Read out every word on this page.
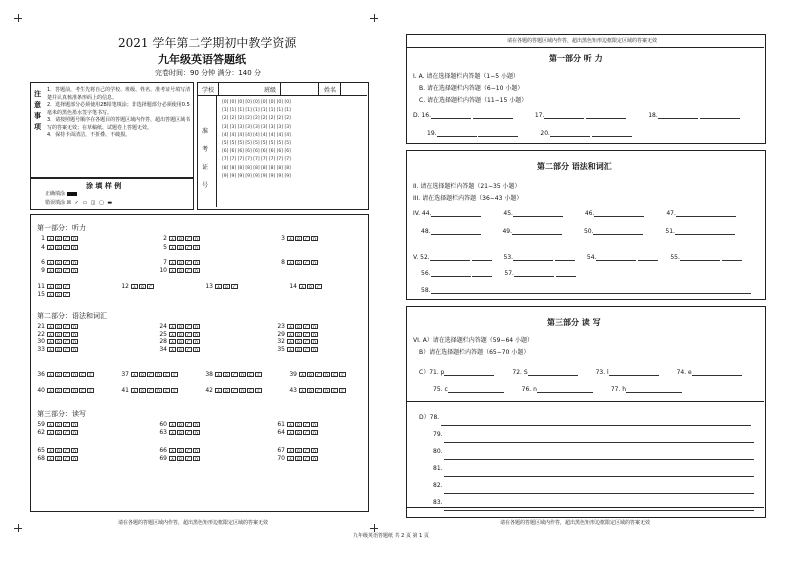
2021 学年第二学期初中教学资源
九年级英语答题纸
完卷时间：90 分钟 满分：140 分
注意事项
1．答题前，考生先将自己的学校、班级、姓名、准考证号填写清楚并认真核准条形码上的信息。
2．选择题部分必须使用2B铅笔填涂；非选择题部分必须使用0.5毫米的黑色墨水签字笔书写。
3．请按照题号顺序在各题目的答题区域内作答，超出答题区域书写的答案无效；在草稿纸、试题卷上答题无效。
4．保持卡面清洁，不折叠、不破损。
涂 填 样 例
正确填涂
错误填涂 ☒ ✓ ▭ ◫ ▢ ▬
学校	班级	姓名
准考证号
[0] [0] [0] [0] [0] [0] [0] [0] [0]
[1] [1] [1] [1] [1] [1] [1] [1] [1]
[2] [2] [2] [2] [2] [2] [2] [2] [2]
[3] [3] [3] [3] [3] [3] [3] [3] [3]
[4] [4] [4] [4] [4] [4] [4] [4] [4]
[5] [5] [5] [5] [5] [5] [5] [5] [5]
[6] [6] [6] [6] [6] [6] [6] [6] [6]
[7] [7] [7] [7] [7] [7] [7] [7] [7]
[8] [8] [8] [8] [8] [8] [8] [8] [8]
[9] [9] [9] [9] [9] [9] [9] [9] [9]
第一部分：听力
第二部分：语法和词汇
第三部分：读写
1 A B C D	2 A B C D	3 A B C D
4 A B C D	5 A B C D
6 A B C D	7 A B C D	8 A B C D
9 A B C D	10 A B C D
11 A B C	12 A B C	13 A B C	14 A B C
15 A B C
21 A B C D	24 A B C D	23 A B C D
22 A B C D	25 A B C D	29 A B C D
30 A B C D	28 A B C D	32 A B C D
33 A B C D	34 A B C D	35 A B C D
36 A B C D E F	37 A B C D E F	38 A B C D E F	39 A B C D E F
40 A B C D E F	41 A B C D E F	42 A B C D E F	43 A B C D E F
59 A B C D	60 A B C D	61 A B C D
62 A B C D	63 A B C D	64 A B C D
65 A B C D	66 A B C D	67 A B C D
68 A B C D	69 A B C D	70 A B C D
请在各题的答题区域内作答，超出黑色矩形边框限定区域的答案无效
请在各题的答题区域内作答，超出黑色矩形边框限定区域的答案无效
第一部分 听 力
I. A. 请在选择题栏内答题（1−5 小题）
B. 请在选择题栏内答题（6−10 小题）
C. 请在选择题栏内答题（11−15 小题）
D. 16.	17.	18.
19.	20.
第二部分 语法和词汇
II. 请在选择题栏内答题（21−35 小题）
III. 请在选择题栏内答题（36−43 小题）
IV. 44.	45.	46.	47.
48.	49.	50.	51.
V. 52.	53.	54.	55.
56.	57.
58.
第三部分 读 写
VI. A）请在选择题栏内答题（59−64 小题）
B）请在选择题栏内答题（65−70 小题）
C）71. p	72. S	73. l	74. e
75. c	76. n	77. h
D）78.
79.
80.
81.
82.
83.
请在各题的答题区域内作答，超出黑色矩形边框限定区域的答案无效
九年级英语答题纸 共 2 页 第 1 页
